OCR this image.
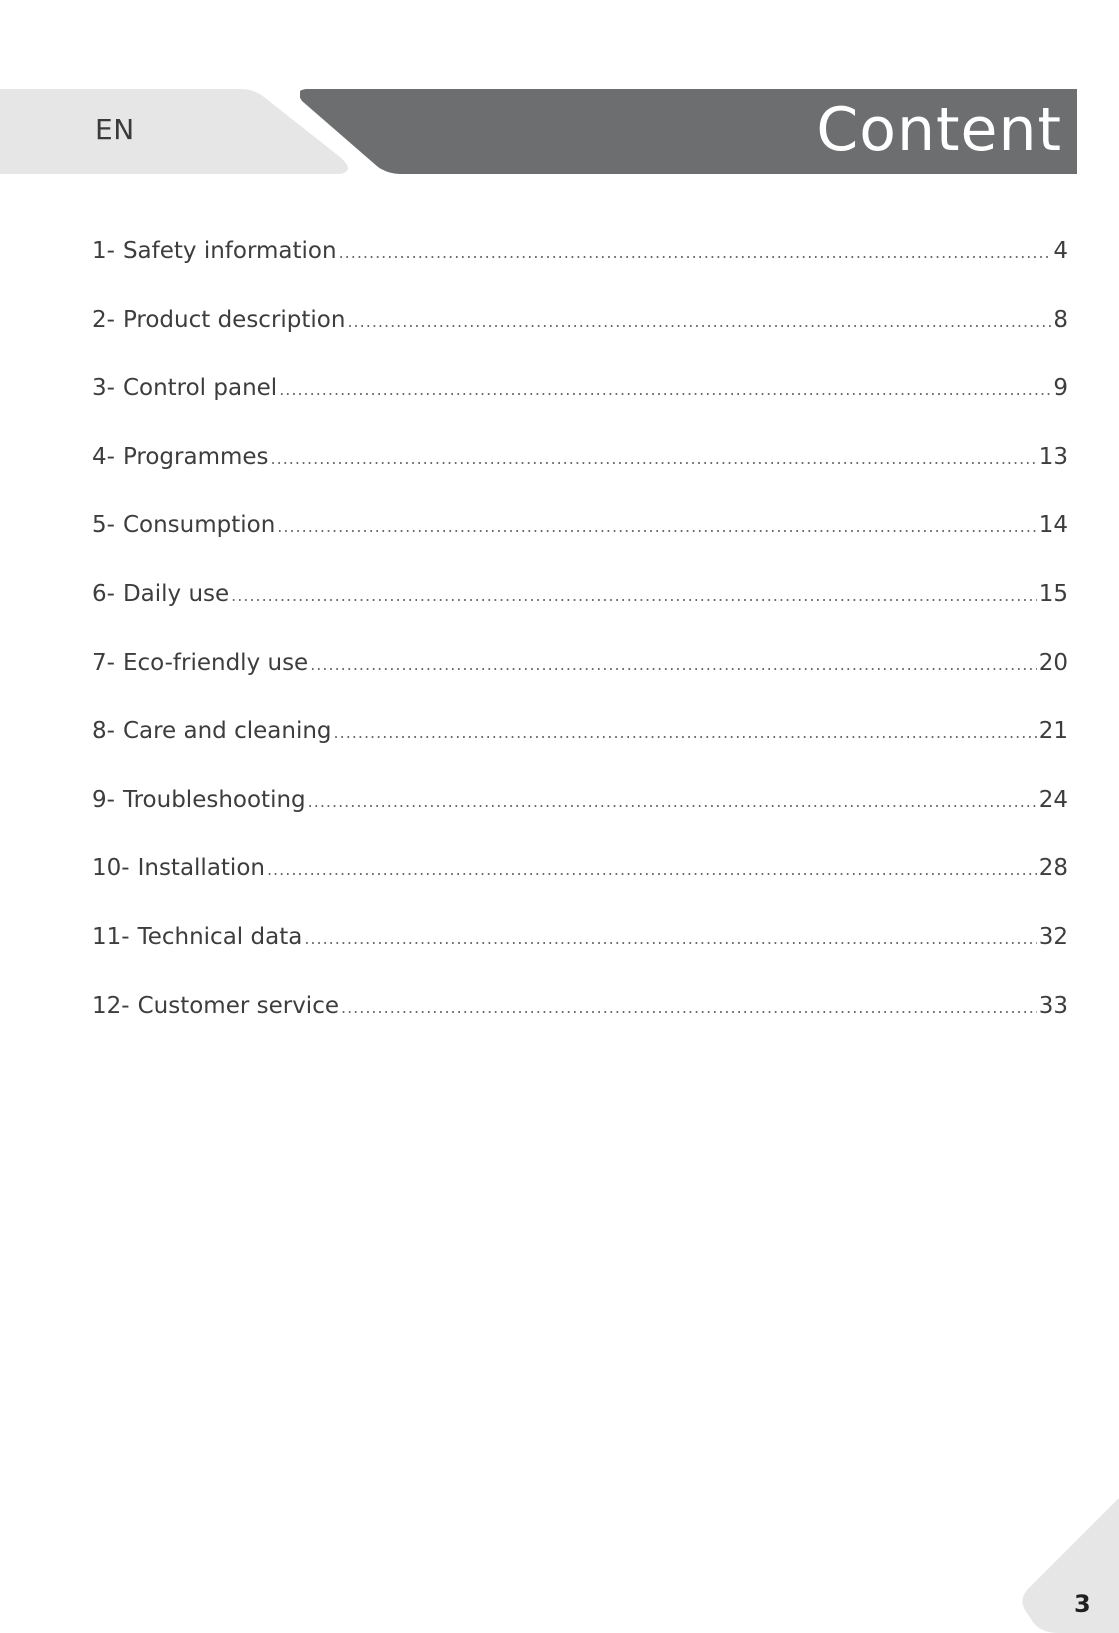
EN	Content
1- Safety information .....	4
2- Product description .....	8
3- Control panel .....	9
4- Programmes .....	13
5- Consumption .....	14
6- Daily use .....	15
7- Eco-friendly use .....	20
8- Care and cleaning .....	21
9- Troubleshooting .....	24
10- Installation .....	28
11- Technical data .....	32
12- Customer service .....	33
3
